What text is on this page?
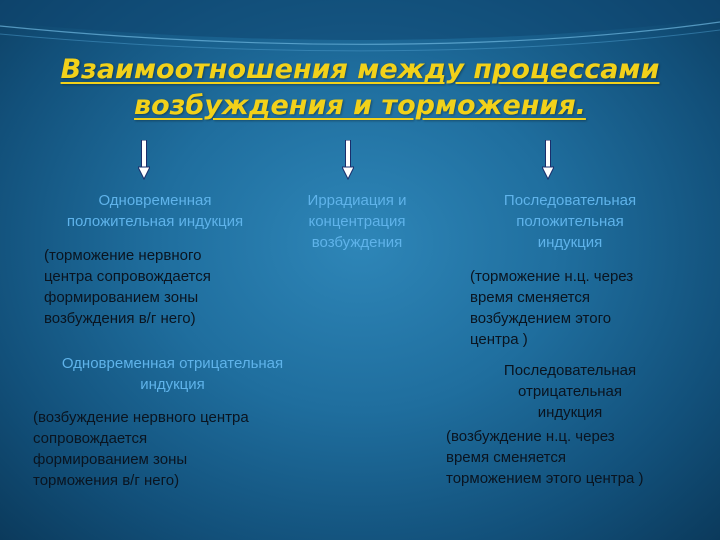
Взаимоотношения между процессами
возбуждения и торможения.
Одновременная
положительная индукция
(торможение нервного
центра сопровождается
формированием зоны
возбуждения в/г него)
Иррадиация и
концентрация
возбуждения
Последовательная
положительная
индукция
(торможение н.ц. через
время сменяется
возбуждением этого
центра )
Одновременная отрицательная
индукция
(возбуждение нервного центра
сопровождается
формированием зоны
торможения в/г него)
Последовательная
отрицательная
индукция
(возбуждение н.ц. через
время сменяется
торможением этого центра )
